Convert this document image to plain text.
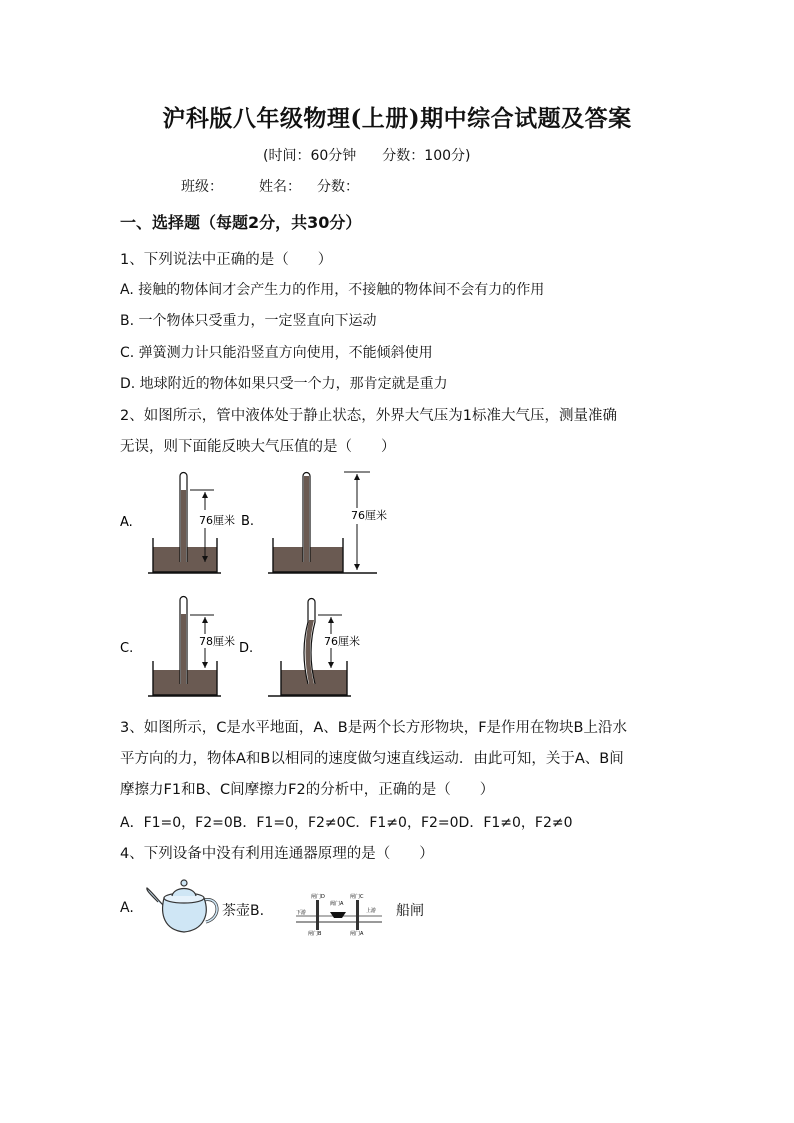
沪科版八年级物理(上册)期中综合试题及答案
(时间：60分钟 分数：100分)
班级：	姓名： 分数：
一、选择题（每题2分，共30分）
1、下列说法中正确的是（　　）
A. 接触的物体间才会产生力的作用，不接触的物体间不会有力的作用
B. 一个物体只受重力，一定竖直向下运动
C. 弹簧测力计只能沿竖直方向使用，不能倾斜使用
D. 地球附近的物体如果只受一个力，那肯定就是重力
2、如图所示，管中液体处于静止状态，外界大气压为1标准大气压，测量准确
无误，则下面能反映大气压值的是（　　）
A.
C.
76厘米 B.	76厘米
78厘米 D.	76厘米
3、如图所示，C是水平地面，A、B是两个长方形物块，F是作用在物块B上沿水
平方向的力，物体A和B以相同的速度做匀速直线运动．由此可知，关于A、B间
摩擦力F1和B、C间摩擦力F2的分析中，正确的是（　　）
A．F1=0，F2=0B．F1=0，F2≠0C．F1≠0，F2=0D．F1≠0，F2≠0
4、下列设备中没有利用连通器原理的是（　　）
A.	茶壶B.
闸门D	闸门C
阀门A
下游	上游
闸门B	闸门A
船闸
